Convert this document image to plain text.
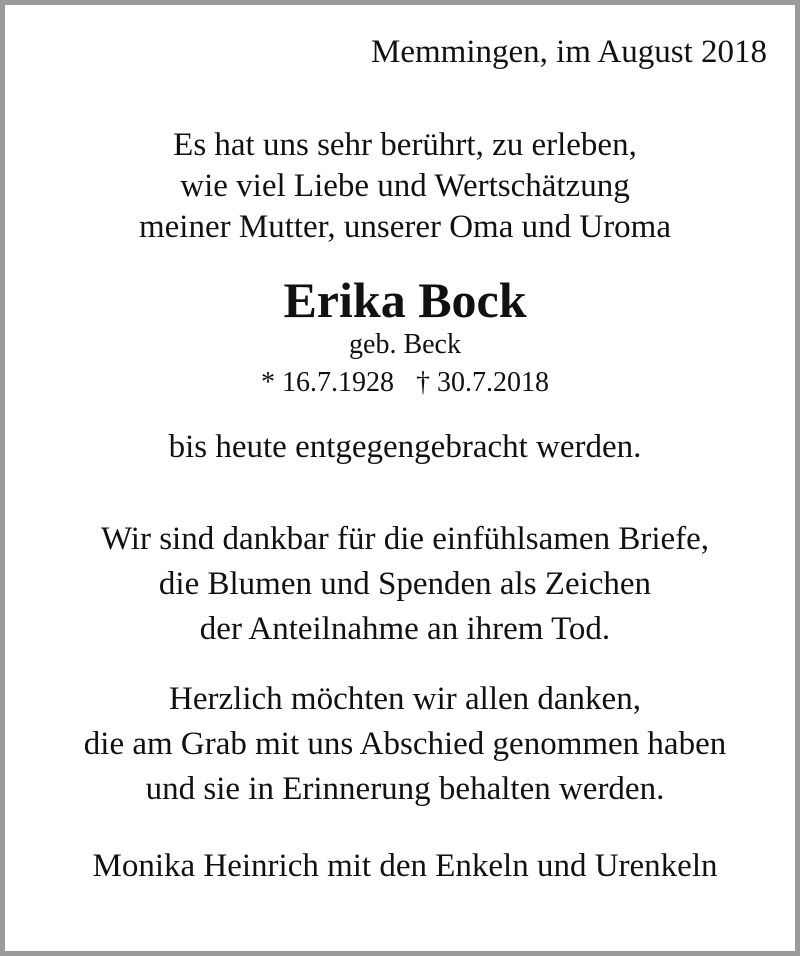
Memmingen, im August 2018
Es hat uns sehr berührt, zu erleben,
wie viel Liebe und Wertschätzung
meiner Mutter, unserer Oma und Uroma
Erika Bock
geb. Beck
* 16.7.1928 † 30.7.2018
bis heute entgegengebracht werden.
Wir sind dankbar für die einfühlsamen Briefe,
die Blumen und Spenden als Zeichen
der Anteilnahme an ihrem Tod.
Herzlich möchten wir allen danken,
die am Grab mit uns Abschied genommen haben
und sie in Erinnerung behalten werden.
Monika Heinrich mit den Enkeln und Urenkeln
